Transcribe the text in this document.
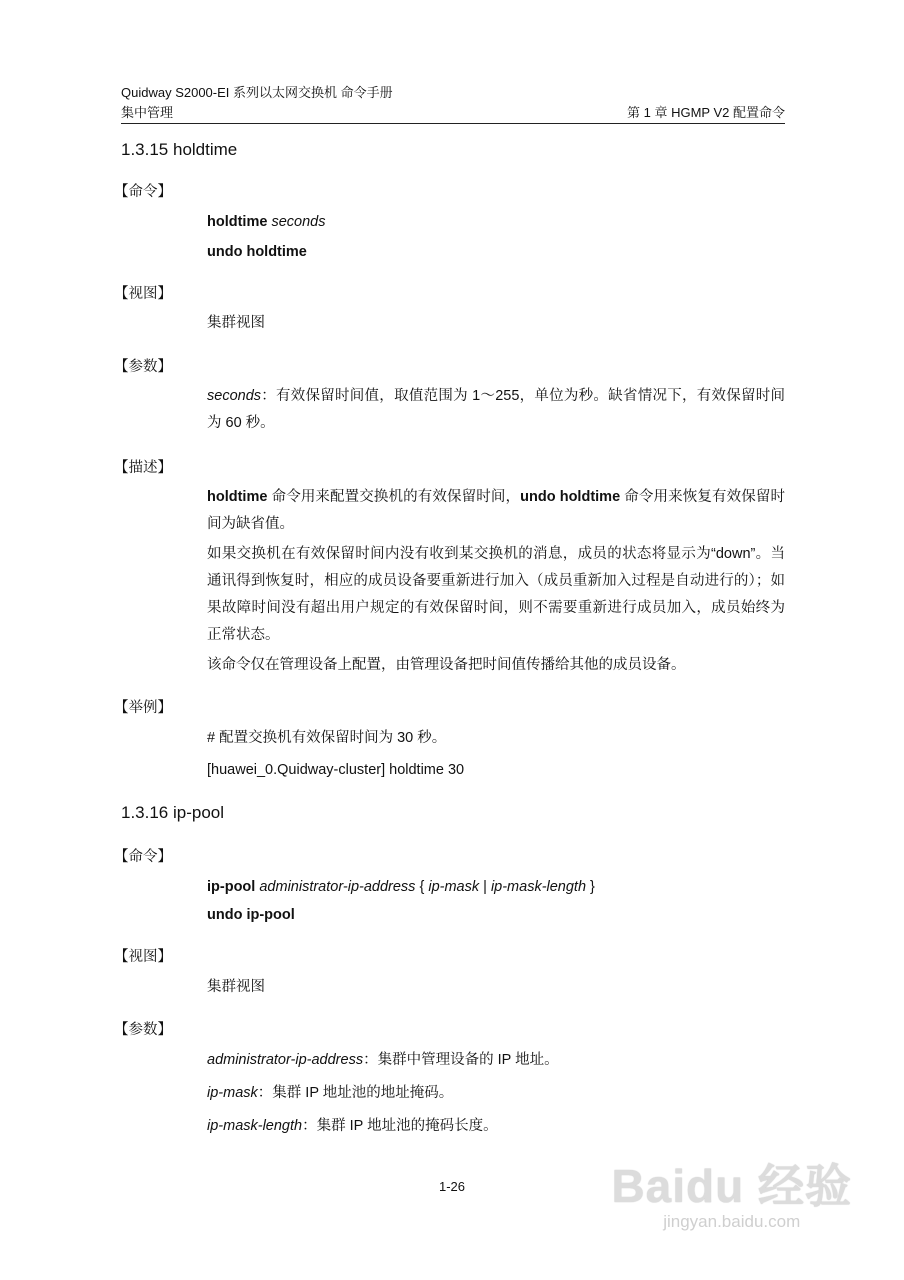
Quidway S2000-EI 系列以太网交换机 命令手册
集中管理	第 1 章 HGMP V2 配置命令
1.3.15 holdtime
【命令】
holdtime seconds
undo holdtime
【视图】
集群视图
【参数】
seconds：有效保留时间值，取值范围为 1～255，单位为秒。缺省情况下，有效保留时间为 60 秒。
【描述】
holdtime 命令用来配置交换机的有效保留时间，undo holdtime 命令用来恢复有效保留时间为缺省值。
如果交换机在有效保留时间内没有收到某交换机的消息，成员的状态将显示为“down”。当通讯得到恢复时，相应的成员设备要重新进行加入（成员重新加入过程是自动进行的）；如果故障时间没有超出用户规定的有效保留时间，则不需要重新进行成员加入，成员始终为正常状态。
该命令仅在管理设备上配置，由管理设备把时间值传播给其他的成员设备。
【举例】
# 配置交换机有效保留时间为 30 秒。
[huawei_0.Quidway-cluster] holdtime 30
1.3.16 ip-pool
【命令】
ip-pool administrator-ip-address { ip-mask | ip-mask-length }
undo ip-pool
【视图】
集群视图
【参数】
administrator-ip-address：集群中管理设备的 IP 地址。
ip-mask：集群 IP 地址池的地址掩码。
ip-mask-length：集群 IP 地址池的掩码长度。
1-26	Baidu 经验
jingyan.baidu.com
